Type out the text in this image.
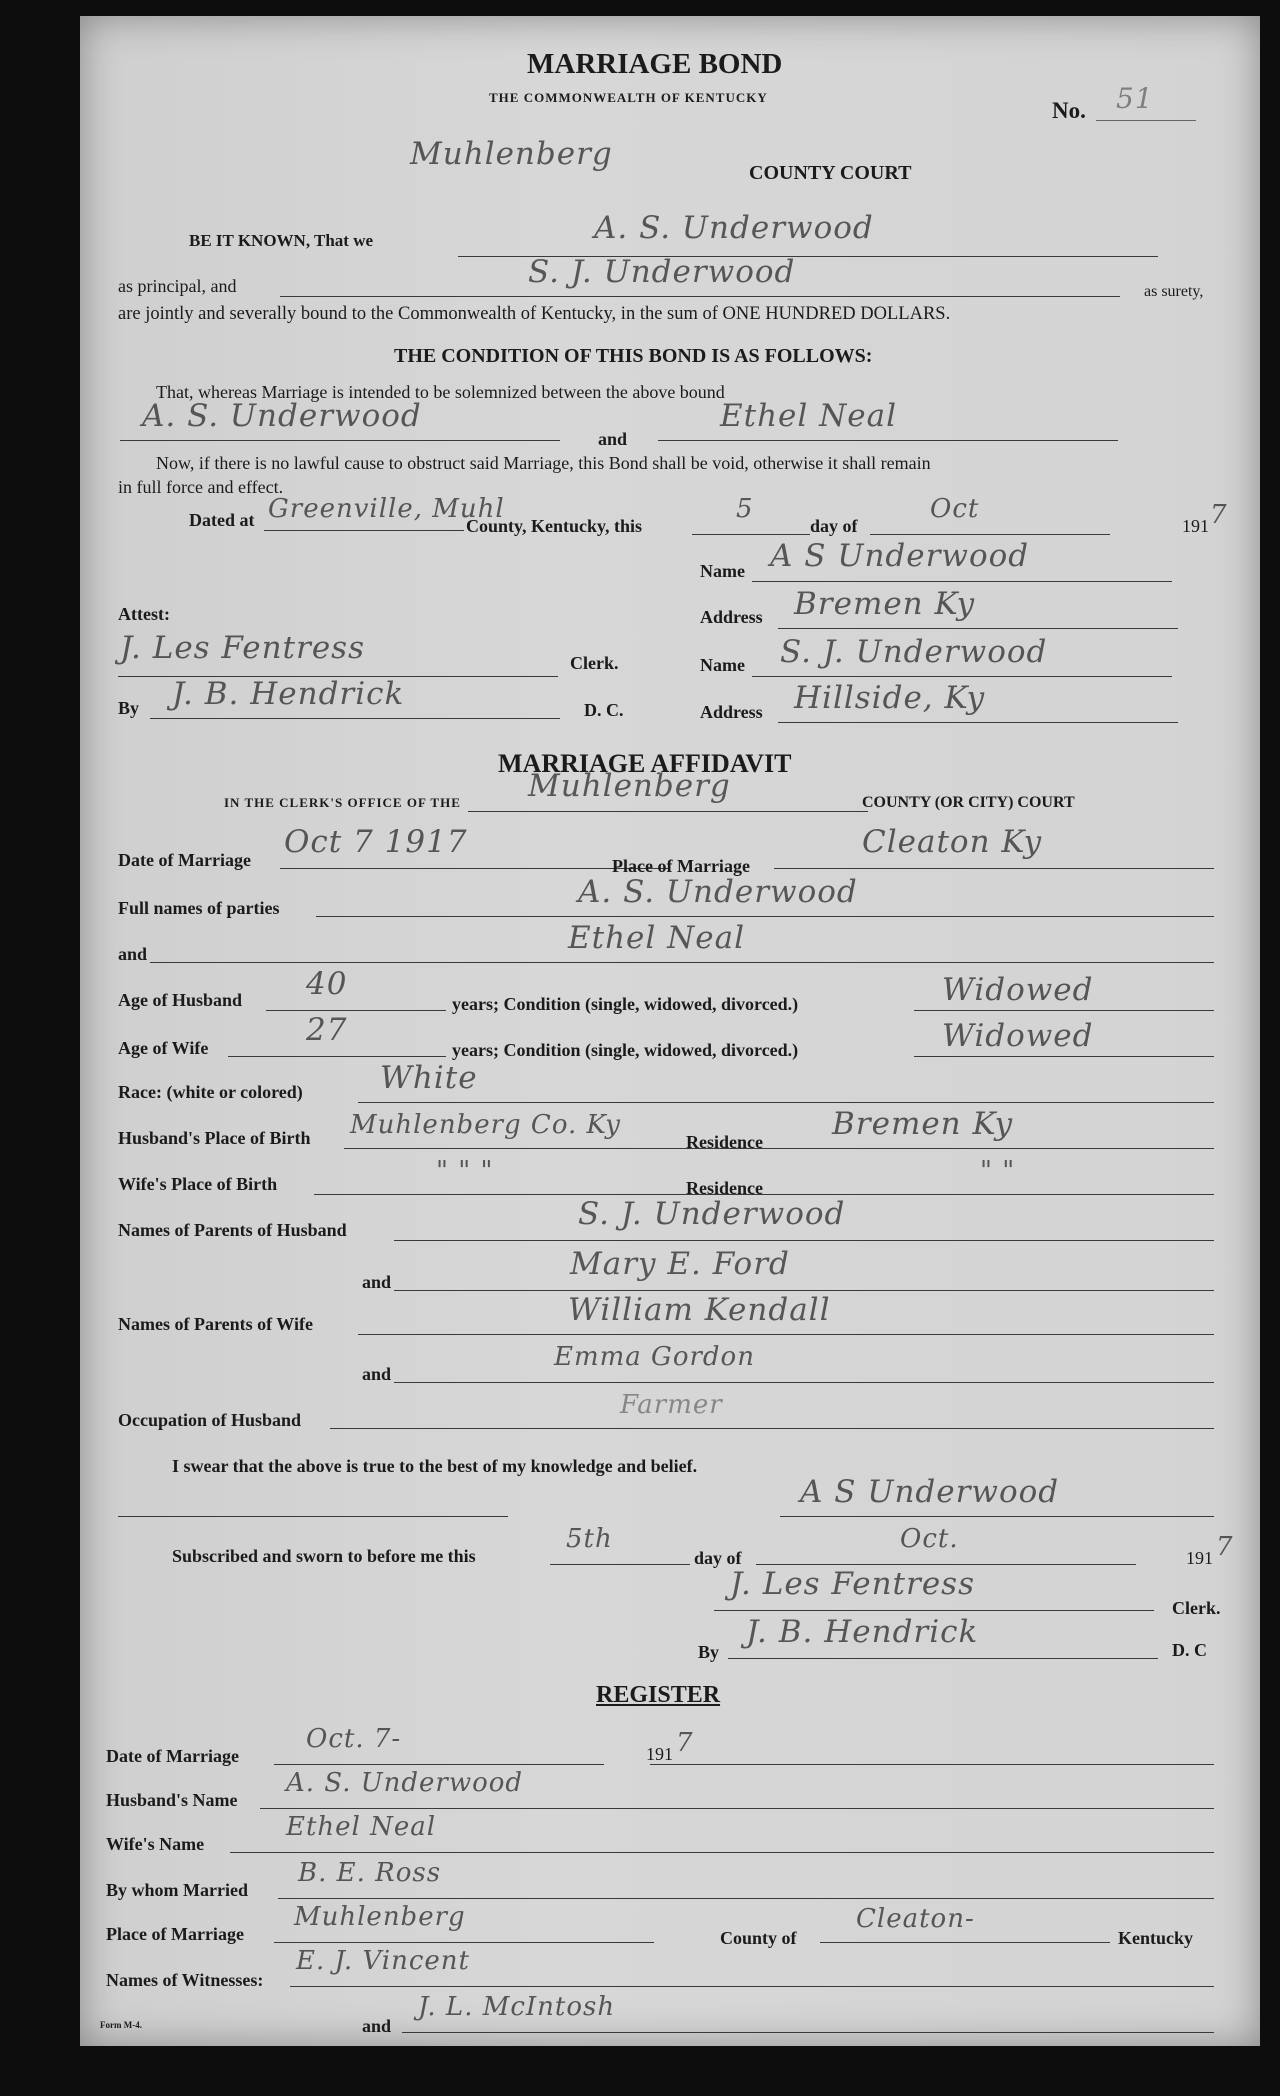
MARRIAGE BOND
THE COMMONWEALTH OF KENTUCKY
No. 51
Muhlenberg
COUNTY COURT
BE IT KNOWN, That we	A. S. Underwood
as principal, and	S. J. Underwood
as surety,
are jointly and severally bound to the Commonwealth of Kentucky, in the sum of ONE HUNDRED DOLLARS.
THE CONDITION OF THIS BOND IS AS FOLLOWS:
That, whereas Marriage is intended to be solemnized between the above bound
A. S. Underwood
and
Ethel Neal
Now, if there is no lawful cause to obstruct said Marriage, this Bond shall be void, otherwise it shall remain
in full force and effect.
Dated at Greenville, Muhl
County, Kentucky, this
5
day of
Oct
191 7
Name A S Underwood
Attest:	Address Bremen Ky
J. Les Fentress	Clerk.	Name S. J. Underwood
By J. B. Hendrick	D. C.	Address Hillside, Ky
MARRIAGE AFFIDAVIT
IN THE CLERK'S OFFICE OF THE Muhlenberg	COUNTY (OR CITY) COURT
Date of Marriage Oct 7 1917
Place of Marriage
Cleaton Ky
Full names of parties	A. S. Underwood
and	Ethel Neal
Age of Husband 40
years; Condition (single, widowed, divorced.)	Widowed
Age of Wife	27
years; Condition (single, widowed, divorced.)	Widowed
Race: (white or colored) White
Husband's Place of Birth Muhlenberg Co. Ky
Residence Bremen Ky
Wife's Place of Birth	" " "
Residence
" "
Names of Parents of Husband	S. J. Underwood
and	Mary E. Ford
Names of Parents of Wife	William Kendall
and
Emma Gordon
Occupation of Husband	Farmer
I swear that the above is true to the best of my knowledge and belief.
A S Underwood
Subscribed and sworn to before me this
5th
day of
Oct.
191 7
J. Les Fentress
Clerk.
By
J. B. Hendrick	D. C
REGISTER
Date of Marriage
Oct. 7-	191 7
Husband's Name
A. S. Underwood
Wife's Name
Ethel Neal
By whom Married
B. E. Ross
Place of Marriage
Muhlenberg
County of
Cleaton-
Kentucky
Names of Witnesses:
E. J. Vincent
and
J. L. McIntosh
Form M-4.
